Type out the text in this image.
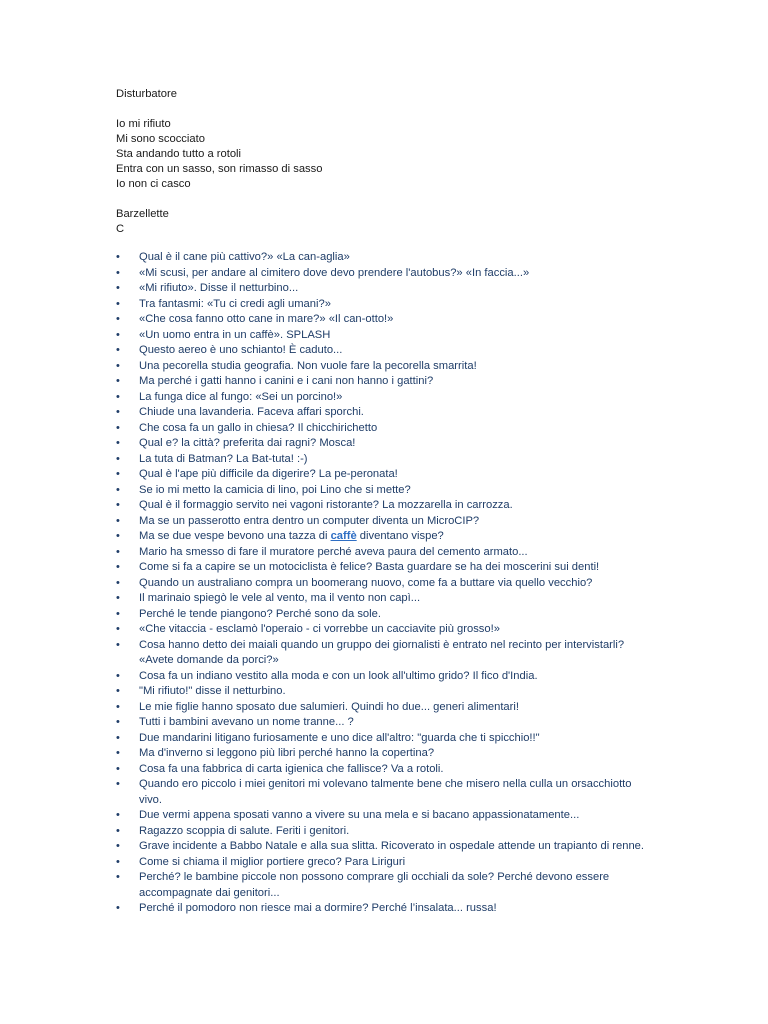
Disturbatore
Io mi rifiuto
Mi sono scocciato
Sta andando tutto a rotoli
Entra con un sasso, son rimasso di sasso
Io non ci casco
Barzellette
C
• Qual è il cane più cattivo?» «La can-aglia»
• «Mi scusi, per andare al cimitero dove devo prendere l'autobus?» «In faccia...»
• «Mi rifiuto». Disse il netturbino...
• Tra fantasmi: «Tu ci credi agli umani?»
• «Che cosa fanno otto cane in mare?» «Il can-otto!»
• «Un uomo entra in un caffè». SPLASH
• Questo aereo è uno schianto! È caduto...
• Una pecorella studia geografia. Non vuole fare la pecorella smarrita!
• Ma perché i gatti hanno i canini e i cani non hanno i gattini?
• La funga dice al fungo: «Sei un porcino!»
• Chiude una lavanderia. Faceva affari sporchi.
• Che cosa fa un gallo in chiesa? Il chicchirichetto
• Qual e? la città? preferita dai ragni? Mosca!
• La tuta di Batman? La Bat-tuta! :-)
• Qual è l'ape più difficile da digerire? La pe-peronata!
• Se io mi metto la camicia di lino, poi Lino che si mette?
• Qual è il formaggio servito nei vagoni ristorante? La mozzarella in carrozza.
• Ma se un passerotto entra dentro un computer diventa un MicroCIP?
• Ma se due vespe bevono una tazza di caffè diventano vispe?
• Mario ha smesso di fare il muratore perché aveva paura del cemento armato...
• Come si fa a capire se un motociclista è felice? Basta guardare se ha dei moscerini sui denti!
• Quando un australiano compra un boomerang nuovo, come fa a buttare via quello vecchio?
• Il marinaio spiegò le vele al vento, ma il vento non capì...
• Perché le tende piangono? Perché sono da sole.
• «Che vitaccia - esclamò l'operaio - ci vorrebbe un cacciavite più grosso!»
• Cosa hanno detto dei maiali quando un gruppo dei giornalisti è entrato nel recinto per intervistarli? «Avete domande da porci?»
• Cosa fa un indiano vestito alla moda e con un look all'ultimo grido? Il fico d'India.
• "Mi rifiuto!" disse il netturbino.
• Le mie figlie hanno sposato due salumieri. Quindi ho due... generi alimentari!
• Tutti i bambini avevano un nome tranne... ?
• Due mandarini litigano furiosamente e uno dice all'altro: "guarda che ti spicchio!!"
• Ma d'inverno si leggono più libri perché hanno la copertina?
• Cosa fa una fabbrica di carta igienica che fallisce? Va a rotoli.
• Quando ero piccolo i miei genitori mi volevano talmente bene che misero nella culla un orsacchiotto vivo.
• Due vermi appena sposati vanno a vivere su una mela e si bacano appassionatamente...
• Ragazzo scoppia di salute. Feriti i genitori.
• Grave incidente a Babbo Natale e alla sua slitta. Ricoverato in ospedale attende un trapianto di renne.
• Come si chiama il miglior portiere greco? Para Liriguri
• Perché? le bambine piccole non possono comprare gli occhiali da sole? Perché devono essere accompagnate dai genitori...
• Perché il pomodoro non riesce mai a dormire? Perché l’insalata... russa!
